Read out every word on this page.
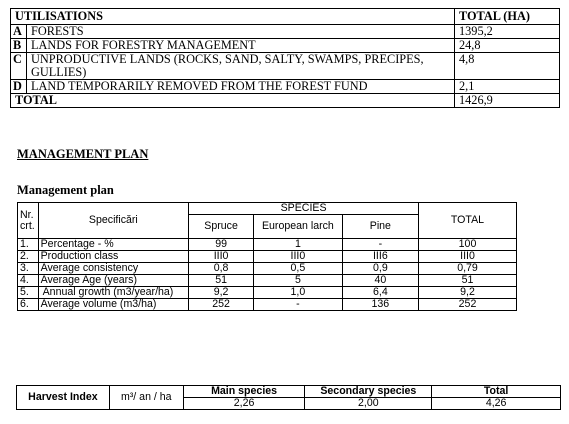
UTILISATIONS		TOTAL (HA)
A	FORESTS	1395,2
B	LANDS FOR FORESTRY MANAGEMENT	24,8
C	UNPRODUCTIVE LANDS (ROCKS, SAND, SALTY, SWAMPS, PRECIPES, GULLIES)	4,8
D	LAND TEMPORARILY REMOVED FROM THE FOREST FUND	2,1
TOTAL		1426,9
MANAGEMENT PLAN
Management plan
Nr. crt.	Specificări	SPECIES			TOTAL
		Spruce	European larch	Pine	
1.	Percentage - %	99	1	-	100
2.	Production class	III0	III0	III6	III0
3.	Average consistency	0,8	0,5	0,9	0,79
4.	Average Age (years)	51	5	40	51
5.	Annual growth (m3/year/ha)	9,2	1,0	6,4	9,2
6.	Average volume (m3/ha)	252	-	136	252
Harvest Index	m³/ an / ha	Main species	Secondary species	Total
		2,26	2,00	4,26
